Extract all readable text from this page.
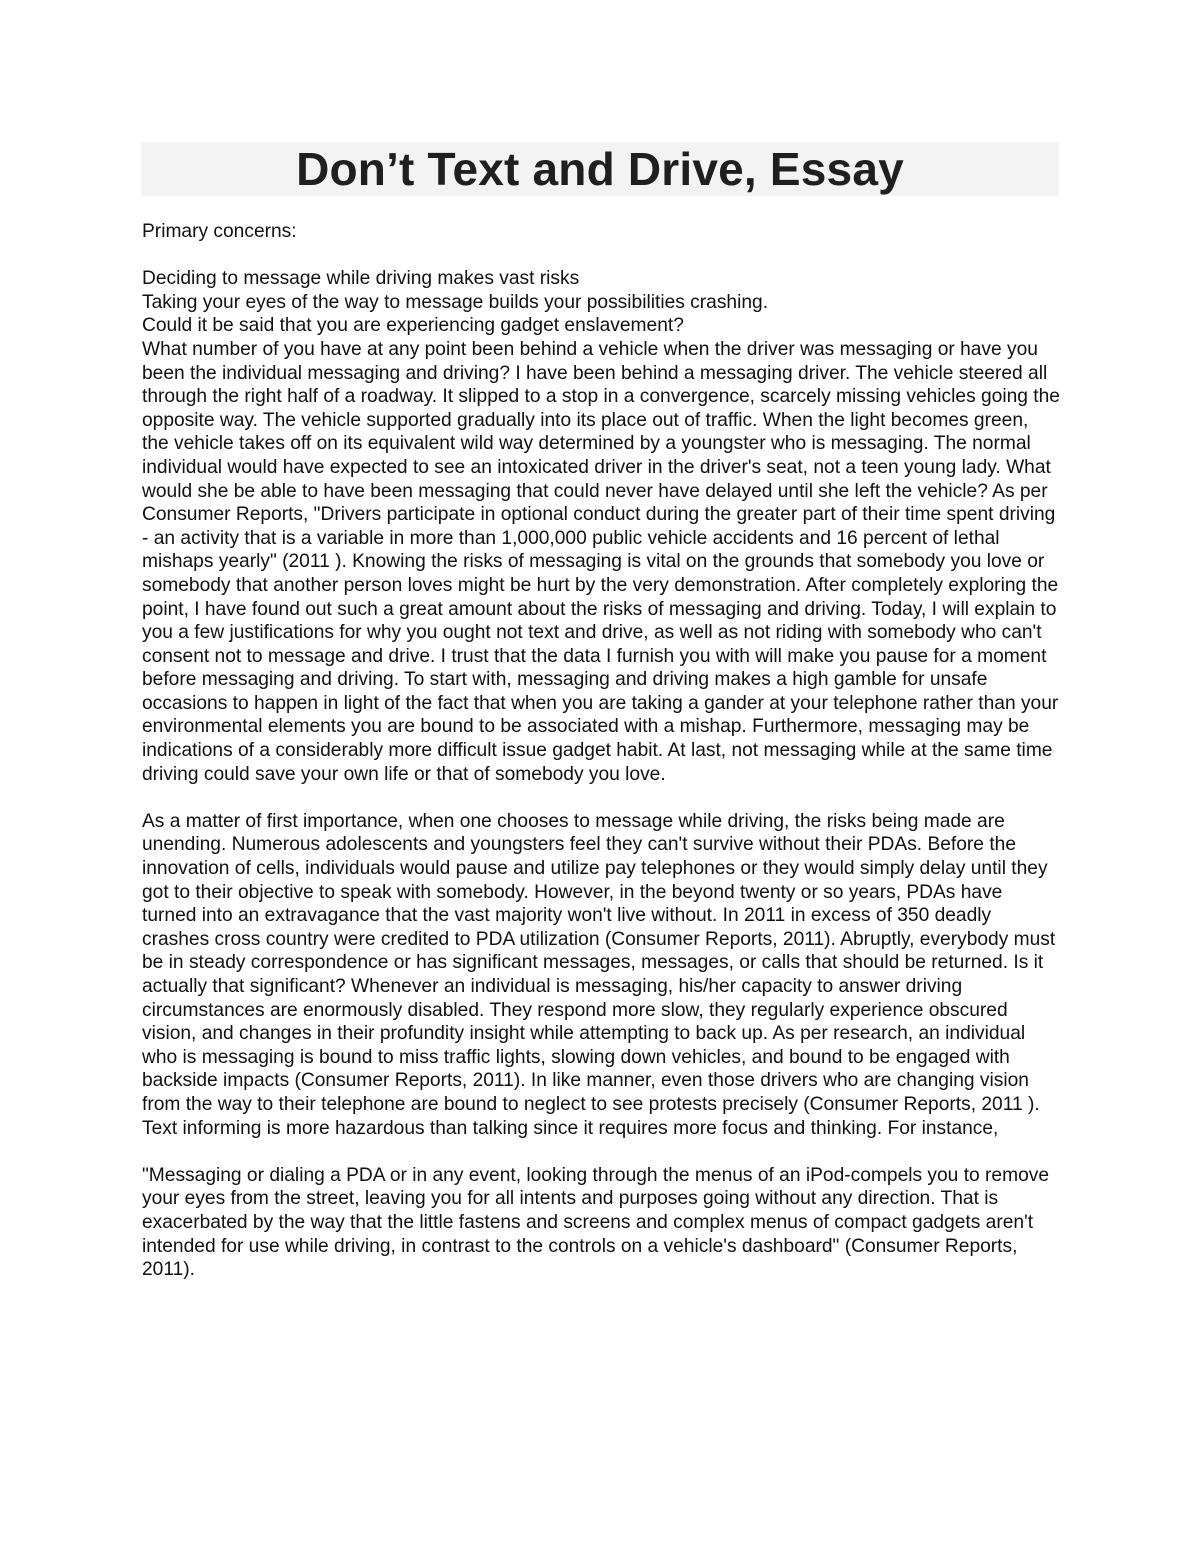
Don’t Text and Drive, Essay

Primary concerns:

Deciding to message while driving makes vast risks

Taking your eyes of the way to message builds your possibilities crashing.

Could it be said that you are experiencing gadget enslavement?

What number of you have at any point been behind a vehicle when the driver was messaging or have you been the individual messaging and driving? I have been behind a messaging driver. The vehicle steered all through the right half of a roadway. It slipped to a stop in a convergence, scarcely missing vehicles going the opposite way. The vehicle supported gradually into its place out of traffic. When the light becomes green, the vehicle takes off on its equivalent wild way determined by a youngster who is messaging. The normal individual would have expected to see an intoxicated driver in the driver's seat, not a teen young lady. What would she be able to have been messaging that could never have delayed until she left the vehicle? As per Consumer Reports, "Drivers participate in optional conduct during the greater part of their time spent driving - an activity that is a variable in more than 1,000,000 public vehicle accidents and 16 percent of lethal mishaps yearly" (2011 ). Knowing the risks of messaging is vital on the grounds that somebody you love or somebody that another person loves might be hurt by the very demonstration. After completely exploring the point, I have found out such a great amount about the risks of messaging and driving. Today, I will explain to you a few justifications for why you ought not text and drive, as well as not riding with somebody who can't consent not to message and drive. I trust that the data I furnish you with will make you pause for a moment before messaging and driving. To start with, messaging and driving makes a high gamble for unsafe occasions to happen in light of the fact that when you are taking a gander at your telephone rather than your environmental elements you are bound to be associated with a mishap. Furthermore, messaging may be indications of a considerably more difficult issue gadget habit. At last, not messaging while at the same time driving could save your own life or that of somebody you love.

As a matter of first importance, when one chooses to message while driving, the risks being made are unending. Numerous adolescents and youngsters feel they can't survive without their PDAs. Before the innovation of cells, individuals would pause and utilize pay telephones or they would simply delay until they got to their objective to speak with somebody. However, in the beyond twenty or so years, PDAs have turned into an extravagance that the vast majority won't live without. In 2011 in excess of 350 deadly crashes cross country were credited to PDA utilization (Consumer Reports, 2011). Abruptly, everybody must be in steady correspondence or has significant messages, messages, or calls that should be returned. Is it actually that significant? Whenever an individual is messaging, his/her capacity to answer driving circumstances are enormously disabled. They respond more slow, they regularly experience obscured vision, and changes in their profundity insight while attempting to back up. As per research, an individual who is messaging is bound to miss traffic lights, slowing down vehicles, and bound to be engaged with backside impacts (Consumer Reports, 2011). In like manner, even those drivers who are changing vision from the way to their telephone are bound to neglect to see protests precisely (Consumer Reports, 2011 ). Text informing is more hazardous than talking since it requires more focus and thinking. For instance,

"Messaging or dialing a PDA or in any event, looking through the menus of an iPod-compels you to remove your eyes from the street, leaving you for all intents and purposes going without any direction. That is exacerbated by the way that the little fastens and screens and complex menus of compact gadgets aren't intended for use while driving, in contrast to the controls on a vehicle's dashboard" (Consumer Reports, 2011).
